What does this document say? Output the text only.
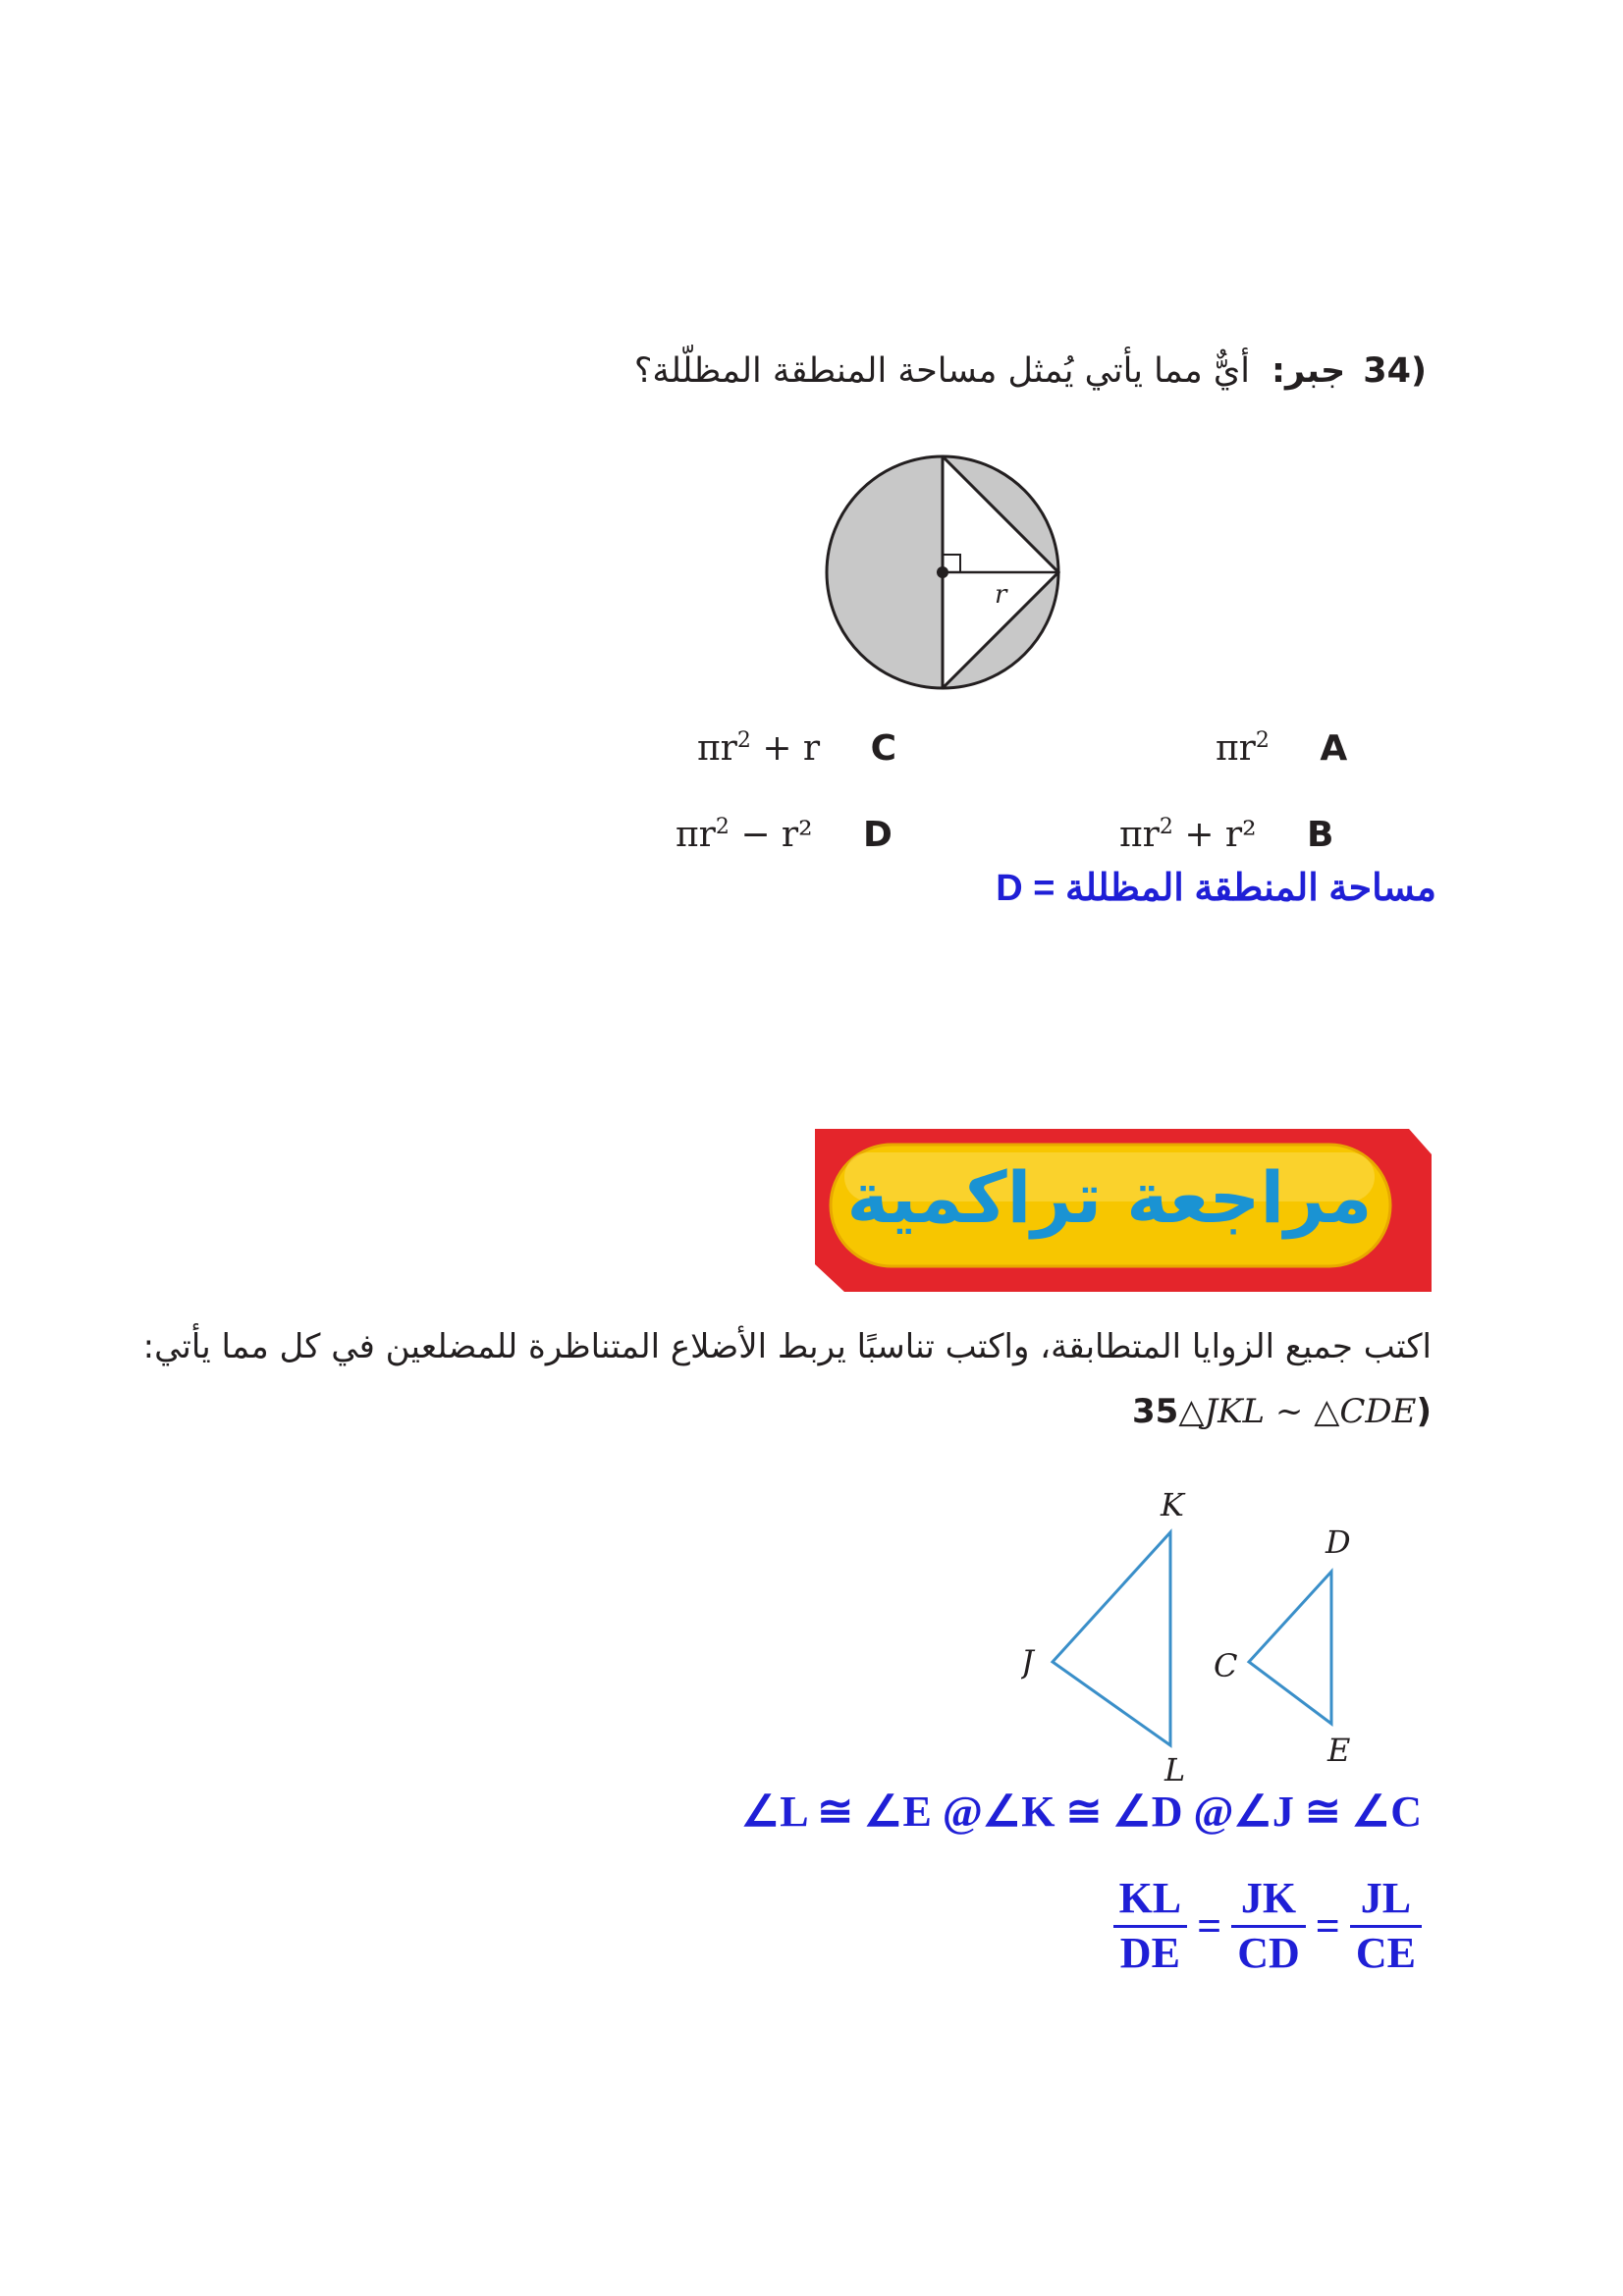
(34جبر:أيٌّ مما يأتي يُمثل مساحة المنطقة المظلّلة؟
r
$\pi r^2$ A
$\pi r^2 + r$ C
$\pi r^2 + r^2$ B
$\pi r^2 - r^2$ D
مساحة المنطقة المظللة = D
مراجعة تراكمية
اكتب جميع الزوايا المتطابقة، واكتب تناسبًا يربط الأضلاع المتناظرة للمضلعين في كل مما يأتي:
(35△JKL ~ △CDE
K
J
L
D
C
E
∠L ≅ ∠E @∠K ≅ ∠D @∠J ≅ ∠C
$\frac{KL}{DE} = \frac{JK}{CD} = \frac{JL}{CE}$
